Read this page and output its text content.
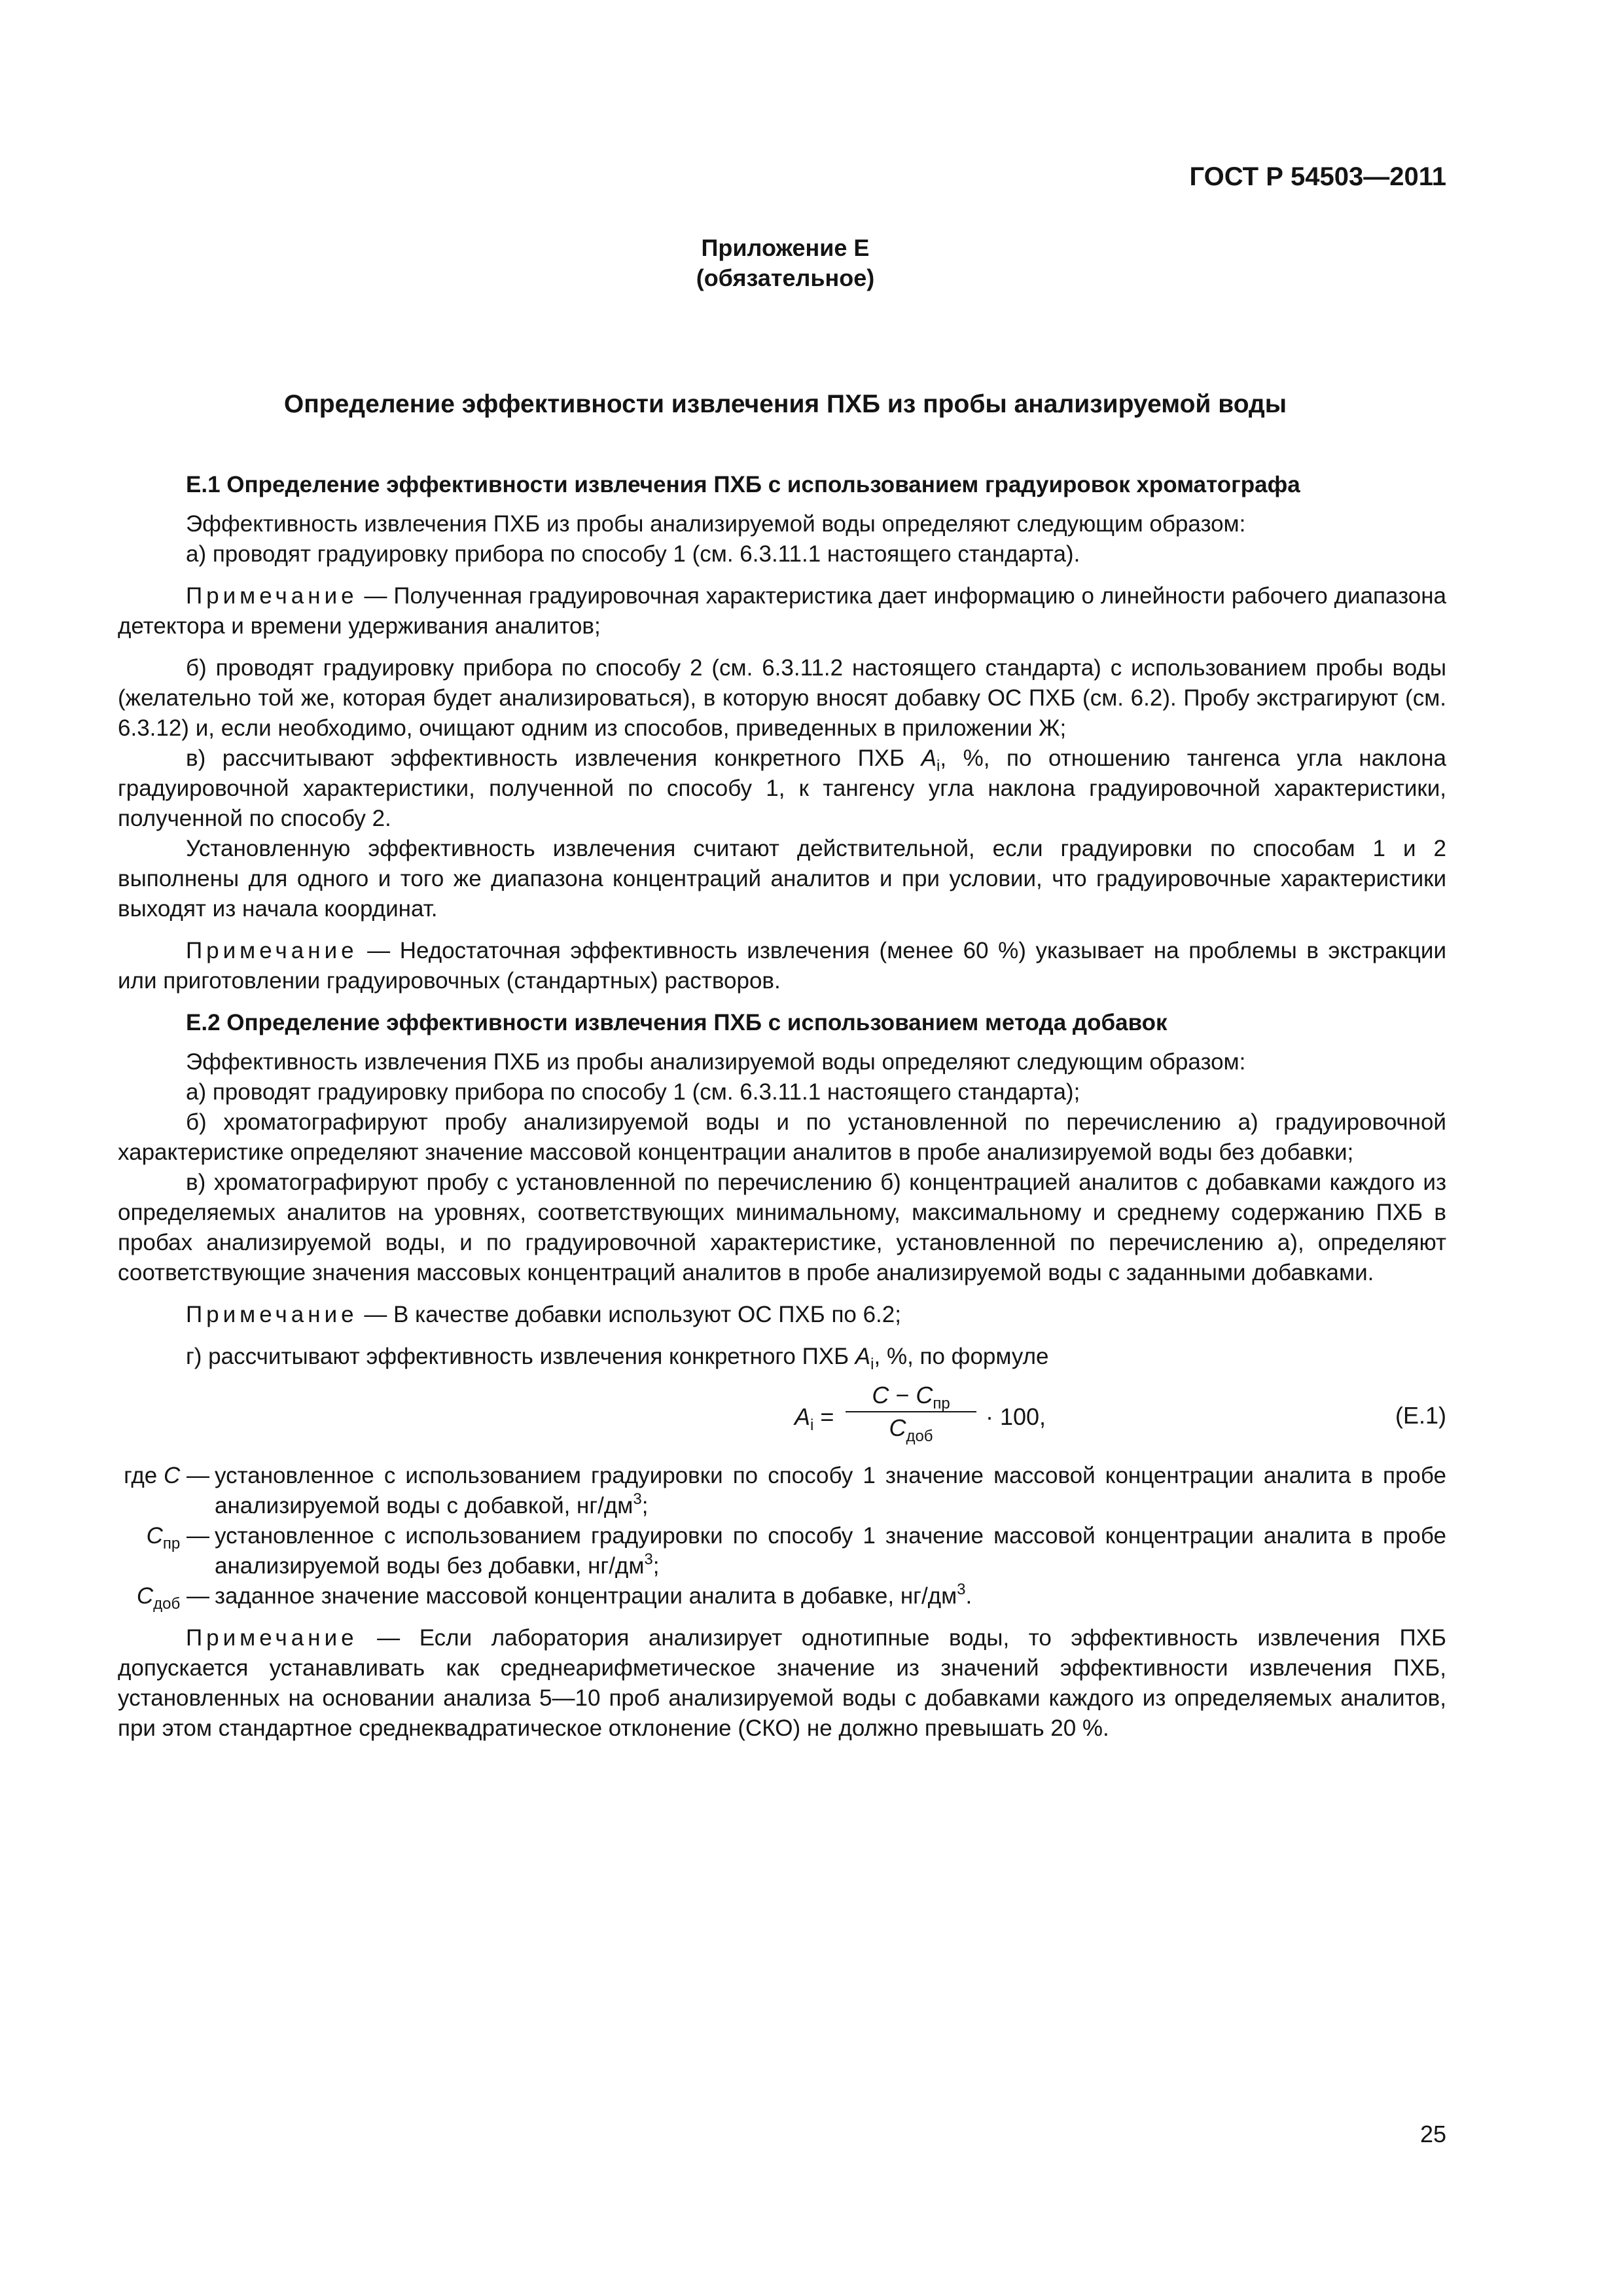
ГОСТ Р 54503—2011
Приложение Е
(обязательное)
Определение эффективности извлечения ПХБ из пробы анализируемой воды

Е.1 Определение эффективности извлечения ПХБ с использованием градуировок хроматографа

Эффективность извлечения ПХБ из пробы анализируемой воды определяют следующим образом:

а) проводят градуировку прибора по способу 1 (см. 6.3.11.1 настоящего стандарта).

Примечание — Полученная градуировочная характеристика дает информацию о линейности рабочего диапазона детектора и времени удерживания аналитов;

б) проводят градуировку прибора по способу 2 (см. 6.3.11.2 настоящего стандарта) с использованием пробы воды (желательно той же, которая будет анализироваться), в которую вносят добавку ОС ПХБ (см. 6.2). Пробу экстрагируют (см. 6.3.12) и, если необходимо, очищают одним из способов, приведенных в приложении Ж;

в) рассчитывают эффективность извлечения конкретного ПХБ $A_i$, %, по отношению тангенса угла наклона градуировочной характеристики, полученной по способу 1, к тангенсу угла наклона градуировочной характеристики, полученной по способу 2.

Установленную эффективность извлечения считают действительной, если градуировки по способам 1 и 2 выполнены для одного и того же диапазона концентраций аналитов и при условии, что градуировочные характеристики выходят из начала координат.

Примечание — Недостаточная эффективность извлечения (менее 60 %) указывает на проблемы в экстракции или приготовлении градуировочных (стандартных) растворов.

Е.2 Определение эффективности извлечения ПХБ с использованием метода добавок

Эффективность извлечения ПХБ из пробы анализируемой воды определяют следующим образом:

а) проводят градуировку прибора по способу 1 (см. 6.3.11.1 настоящего стандарта);

б) хроматографируют пробу анализируемой воды и по установленной по перечислению а) градуировочной характеристике определяют значение массовой концентрации аналитов в пробе анализируемой воды без добавки;

в) хроматографируют пробу с установленной по перечислению б) концентрацией аналитов с добавками каждого из определяемых аналитов на уровнях, соответствующих минимальному, максимальному и среднему содержанию ПХБ в пробах анализируемой воды, и по градуировочной характеристике, установленной по перечислению а), определяют соответствующие значения массовых концентраций аналитов в пробе анализируемой воды с заданными добавками.

Примечание — В качестве добавки используют ОС ПХБ по 6.2;

г) рассчитывают эффективность извлечения конкретного ПХБ $A_i$, %, по формуле

$A_i$ =
$C - C_{пр}$
$C_{доб}$
· 100,	(Е.1)
где C — установленное с использованием градуировки по способу 1 значение массовой концентрации аналита в пробе анализируемой воды с добавкой, $нг/дм^3$;
$C_{пр}$ — установленное с использованием градуировки по способу 1 значение массовой концентрации аналита в пробе анализируемой воды без добавки, $нг/дм^3$;
$C_{доб}$ — заданное значение массовой концентрации аналита в добавке, $нг/дм^3$.

Примечание — Если лаборатория анализирует однотипные воды, то эффективность извлечения ПХБ допускается устанавливать как среднеарифметическое значение из значений эффективности извлечения ПХБ, установленных на основании анализа 5—10 проб анализируемой воды с добавками каждого из определяемых аналитов, при этом стандартное среднеквадратическое отклонение (СКО) не должно превышать 20 %.

25
